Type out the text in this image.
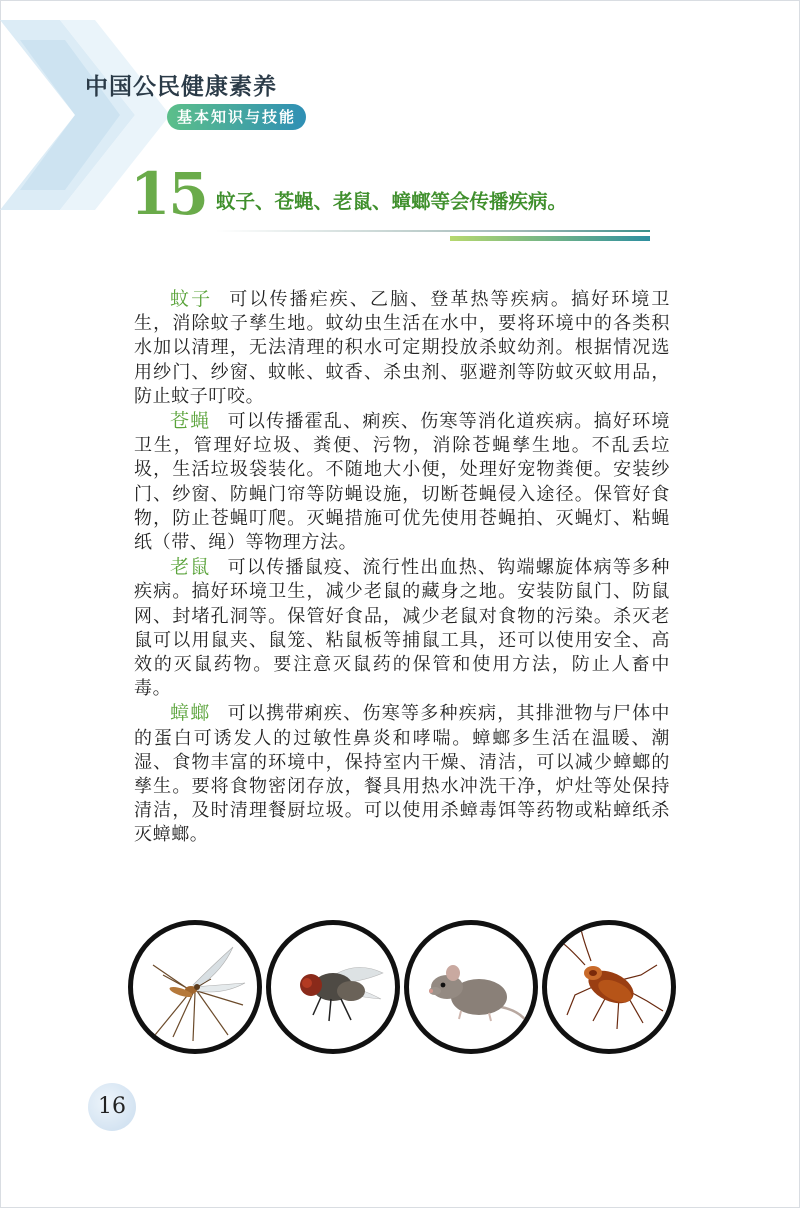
中国公民健康素养
基本知识与技能
15 蚊子、苍蝇、老鼠、蟑螂等会传播疾病。

蚊子 可以传播疟疾、乙脑、登革热等疾病。搞好环境卫生，消除蚊子孳生地。蚊幼虫生活在水中，要将环境中的各类积水加以清理，无法清理的积水可定期投放杀蚊幼剂。根据情况选用纱门、纱窗、蚊帐、蚊香、杀虫剂、驱避剂等防蚊灭蚊用品，防止蚊子叮咬。

苍蝇 可以传播霍乱、痢疾、伤寒等消化道疾病。搞好环境卫生，管理好垃圾、粪便、污物，消除苍蝇孳生地。不乱丢垃圾，生活垃圾袋装化。不随地大小便，处理好宠物粪便。安装纱门、纱窗、防蝇门帘等防蝇设施，切断苍蝇侵入途径。保管好食物，防止苍蝇叮爬。灭蝇措施可优先使用苍蝇拍、灭蝇灯、粘蝇纸（带、绳）等物理方法。

老鼠 可以传播鼠疫、流行性出血热、钩端螺旋体病等多种疾病。搞好环境卫生，减少老鼠的藏身之地。安装防鼠门、防鼠网、封堵孔洞等。保管好食品，减少老鼠对食物的污染。杀灭老鼠可以用鼠夹、鼠笼、粘鼠板等捕鼠工具，还可以使用安全、高效的灭鼠药物。要注意灭鼠药的保管和使用方法，防止人畜中毒。

蟑螂 可以携带痢疾、伤寒等多种疾病，其排泄物与尸体中的蛋白可诱发人的过敏性鼻炎和哮喘。蟑螂多生活在温暖、潮湿、食物丰富的环境中，保持室内干燥、清洁，可以减少蟑螂的孳生。要将食物密闭存放，餐具用热水冲洗干净，炉灶等处保持清洁，及时清理餐厨垃圾。可以使用杀蟑毒饵等药物或粘蟑纸杀灭蟑螂。

16
